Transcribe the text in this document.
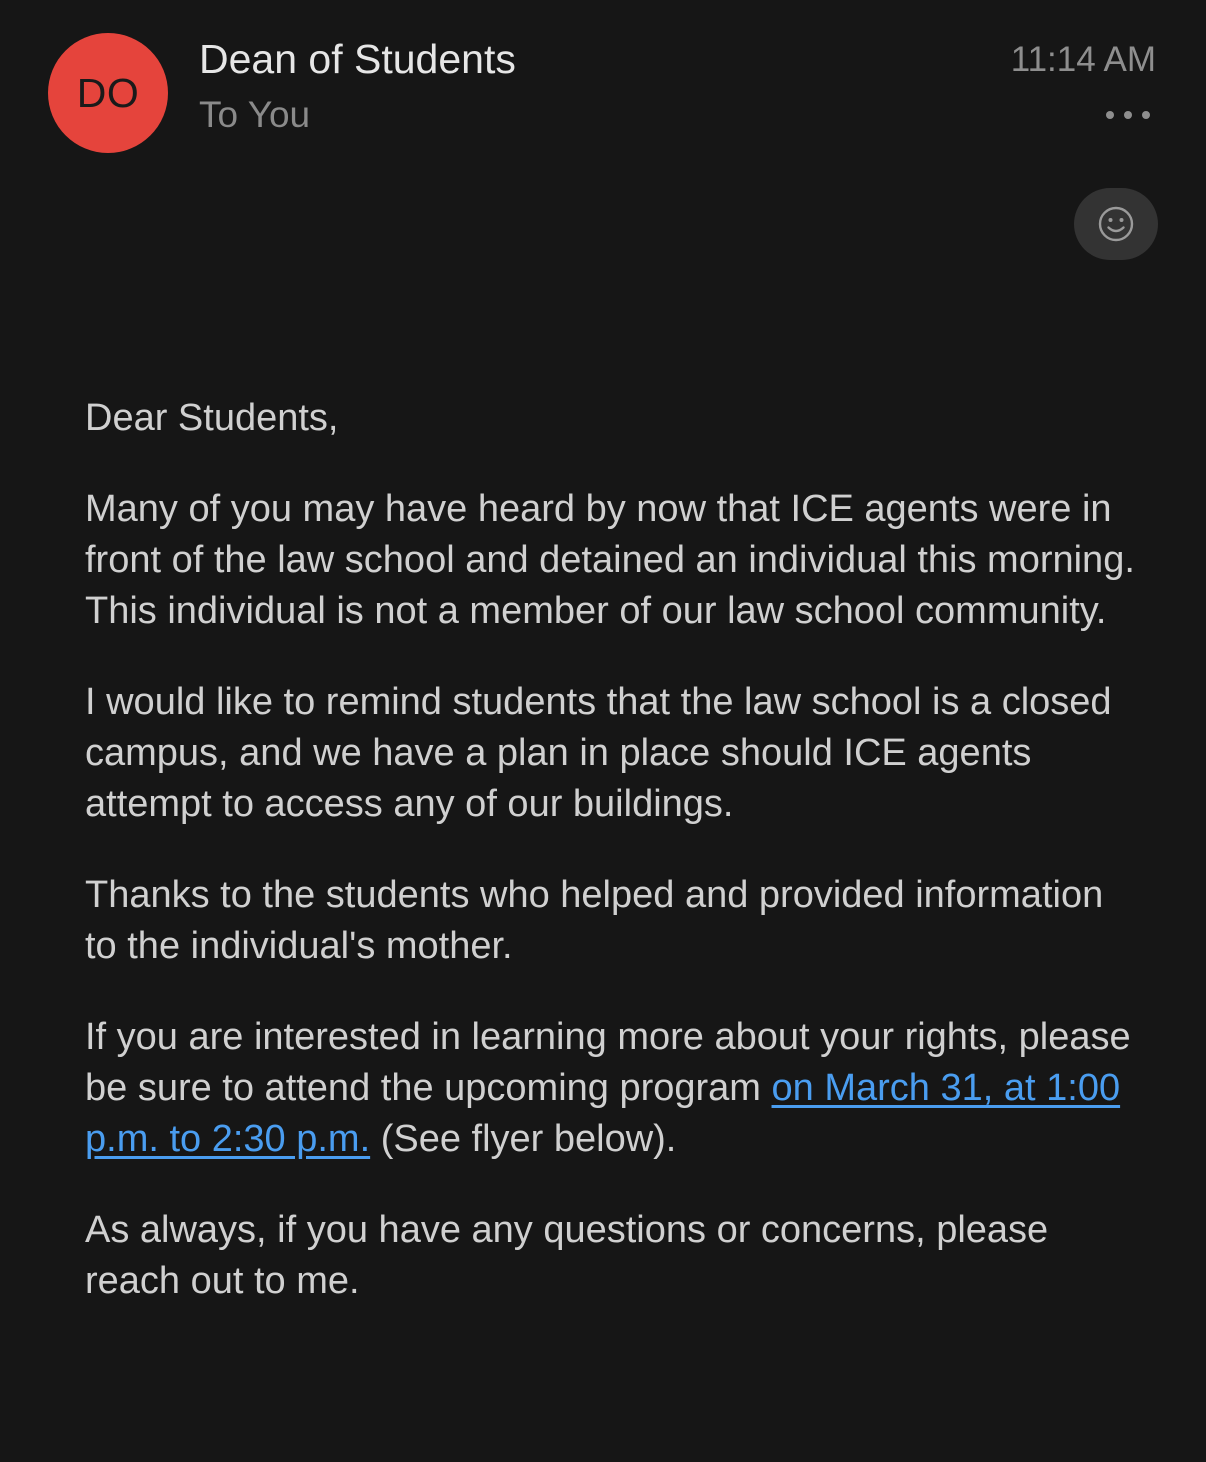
DO
Dean of Students
To You
11:14 AM

Dear Students,

Many of you may have heard by now that ICE agents were in front of the law school and detained an individual this morning. This individual is not a member of our law school community.

I would like to remind students that the law school is a closed campus, and we have a plan in place should ICE agents attempt to access any of our buildings.

Thanks to the students who helped and provided information to the individual's mother.

If you are interested in learning more about your rights, please be sure to attend the upcoming program on March 31, at 1:00 p.m. to 2:30 p.m. (See flyer below).

As always, if you have any questions or concerns, please reach out to me.
